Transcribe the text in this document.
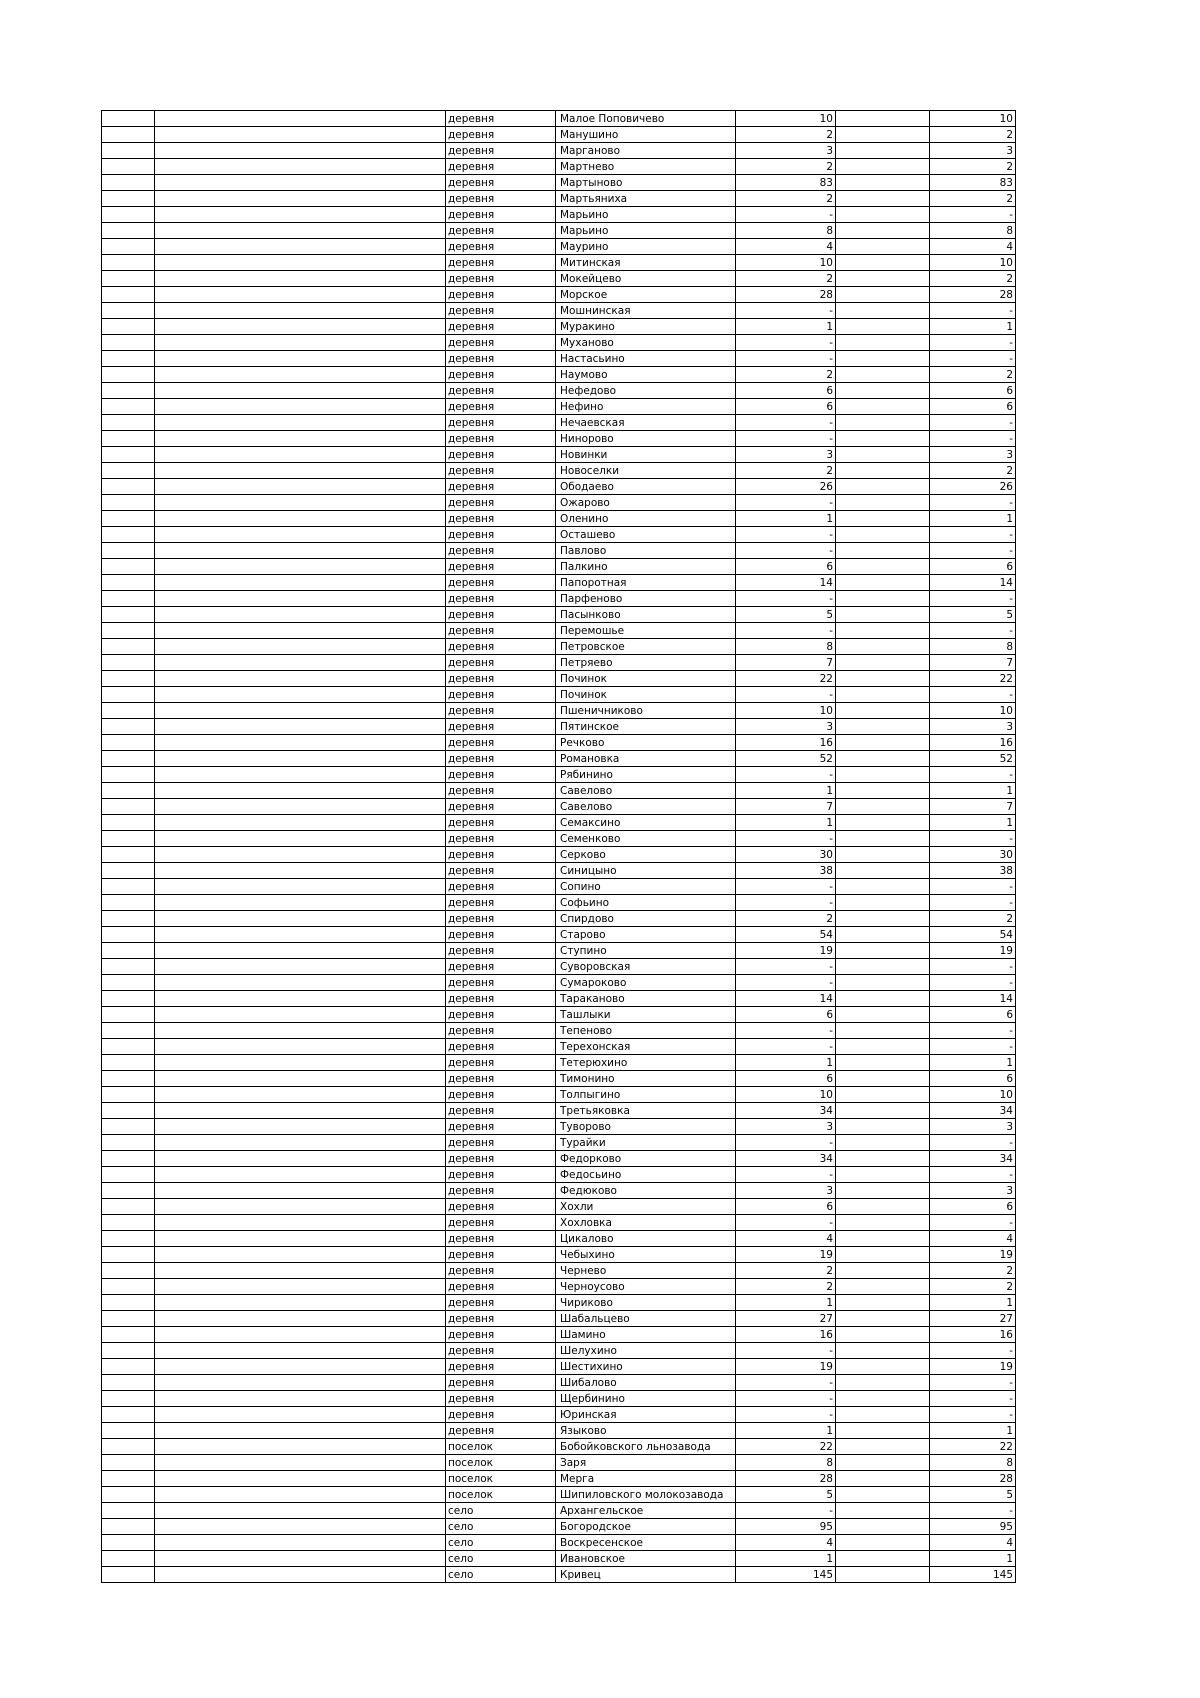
		деревня	Малое Поповичево	10		10
		деревня	Манушино	2		2
		деревня	Марганово	3		3
		деревня	Мартнево	2		2
		деревня	Мартыново	83		83
		деревня	Мартьяниха	2		2
		деревня	Марьино	-		-
		деревня	Марьино	8		8
		деревня	Маурино	4		4
		деревня	Митинская	10		10
		деревня	Мокейцево	2		2
		деревня	Морское	28		28
		деревня	Мошнинская	-		-
		деревня	Муракино	1		1
		деревня	Муханово	-		-
		деревня	Настасьино	-		-
		деревня	Наумово	2		2
		деревня	Нефедово	6		6
		деревня	Нефино	6		6
		деревня	Нечаевская	-		-
		деревня	Нинорово	-		-
		деревня	Новинки	3		3
		деревня	Новоселки	2		2
		деревня	Ободаево	26		26
		деревня	Ожарово	-		-
		деревня	Оленино	1		1
		деревня	Осташево	-		-
		деревня	Павлово	-		-
		деревня	Палкино	6		6
		деревня	Папоротная	14		14
		деревня	Парфеново	-		-
		деревня	Пасынково	5		5
		деревня	Перемошье	-		-
		деревня	Петровское	8		8
		деревня	Петряево	7		7
		деревня	Починок	22		22
		деревня	Починок	-		-
		деревня	Пшеничниково	10		10
		деревня	Пятинское	3		3
		деревня	Речково	16		16
		деревня	Романовка	52		52
		деревня	Рябинино	-		-
		деревня	Савелово	1		1
		деревня	Савелово	7		7
		деревня	Семаксино	1		1
		деревня	Семенково	-		-
		деревня	Серково	30		30
		деревня	Синицыно	38		38
		деревня	Сопино	-		-
		деревня	Софьино	-		-
		деревня	Спирдово	2		2
		деревня	Старово	54		54
		деревня	Ступино	19		19
		деревня	Суворовская	-		-
		деревня	Сумароково	-		-
		деревня	Тараканово	14		14
		деревня	Ташлыки	6		6
		деревня	Тепеново	-		-
		деревня	Терехонская	-		-
		деревня	Тетерюхино	1		1
		деревня	Тимонино	6		6
		деревня	Толпыгино	10		10
		деревня	Третьяковка	34		34
		деревня	Туворово	3		3
		деревня	Турайки	-		-
		деревня	Федорково	34		34
		деревня	Федосьино	-		-
		деревня	Федюково	3		3
		деревня	Хохли	6		6
		деревня	Хохловка	-		-
		деревня	Цикалово	4		4
		деревня	Чебыхино	19		19
		деревня	Чернево	2		2
		деревня	Черноусово	2		2
		деревня	Чириково	1		1
		деревня	Шабальцево	27		27
		деревня	Шамино	16		16
		деревня	Шелухино	-		-
		деревня	Шестихино	19		19
		деревня	Шибалово	-		-
		деревня	Щербинино	-		-
		деревня	Юринская	-		-
		деревня	Языково	1		1
		поселок	Бобойковского льнозавода	22		22
		поселок	Заря	8		8
		поселок	Мерга	28		28
		поселок	Шипиловского молокозавода	5		5
		село	Архангельское	-		-
		село	Богородское	95		95
		село	Воскресенское	4		4
		село	Ивановское	1		1
		село	Кривец	145		145
